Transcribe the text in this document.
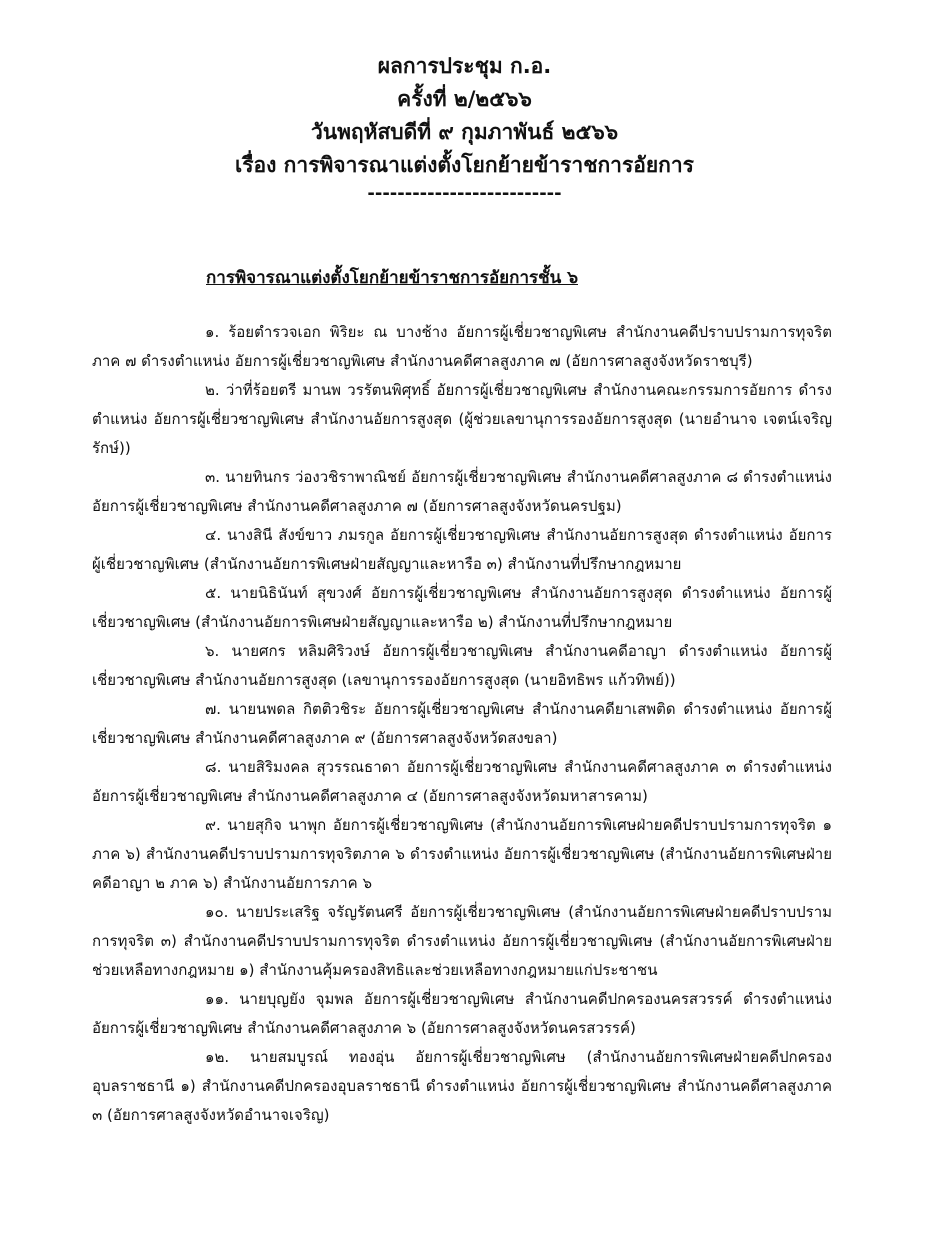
ผลการประชุม ก.อ.
ครั้งที่ ๒/๒๕๖๖
วันพฤหัสบดีที่ ๙ กุมภาพันธ์ ๒๕๖๖
เรื่อง การพิจารณาแต่งตั้งโยกย้ายข้าราชการอัยการ
--------------------------
การพิจารณาแต่งตั้งโยกย้ายข้าราชการอัยการชั้น ๖

๑. ร้อยตำรวจเอก พิริยะ ณ บางช้าง อัยการผู้เชี่ยวชาญพิเศษ สำนักงานคดีปราบปรามการทุจริตภาค ๗ ดำรงตำแหน่ง อัยการผู้เชี่ยวชาญพิเศษ สำนักงานคดีศาลสูงภาค ๗ (อัยการศาลสูงจังหวัดราชบุรี)

๒. ว่าที่ร้อยตรี มานพ วรรัตนพิศุทธิ์ อัยการผู้เชี่ยวชาญพิเศษ สำนักงานคณะกรรมการอัยการ ดำรงตำแหน่ง อัยการผู้เชี่ยวชาญพิเศษ สำนักงานอัยการสูงสุด (ผู้ช่วยเลขานุการรองอัยการสูงสุด (นายอำนาจ เจตน์เจริญรักษ์))

๓. นายทินกร ว่องวชิราพาณิชย์ อัยการผู้เชี่ยวชาญพิเศษ สำนักงานคดีศาลสูงภาค ๘ ดำรงตำแหน่ง อัยการผู้เชี่ยวชาญพิเศษ สำนักงานคดีศาลสูงภาค ๗ (อัยการศาลสูงจังหวัดนครปฐม)

๔. นางสินี สังข์ขาว ภมรกูล อัยการผู้เชี่ยวชาญพิเศษ สำนักงานอัยการสูงสุด ดำรงตำแหน่ง อัยการผู้เชี่ยวชาญพิเศษ (สำนักงานอัยการพิเศษฝ่ายสัญญาและหารือ ๓) สำนักงานที่ปรึกษากฎหมาย

๕. นายนิธินันท์ สุขวงศ์ อัยการผู้เชี่ยวชาญพิเศษ สำนักงานอัยการสูงสุด ดำรงตำแหน่ง อัยการผู้เชี่ยวชาญพิเศษ (สำนักงานอัยการพิเศษฝ่ายสัญญาและหารือ ๒) สำนักงานที่ปรึกษากฎหมาย

๖. นายศกร หลิมศิริวงษ์ อัยการผู้เชี่ยวชาญพิเศษ สำนักงานคดีอาญา ดำรงตำแหน่ง อัยการผู้เชี่ยวชาญพิเศษ สำนักงานอัยการสูงสุด (เลขานุการรองอัยการสูงสุด (นายอิทธิพร แก้วทิพย์))

๗. นายนพดล กิตติวชิระ อัยการผู้เชี่ยวชาญพิเศษ สำนักงานคดียาเสพติด ดำรงตำแหน่ง อัยการผู้เชี่ยวชาญพิเศษ สำนักงานคดีศาลสูงภาค ๙ (อัยการศาลสูงจังหวัดสงขลา)

๘. นายสิริมงคล สุวรรณธาดา อัยการผู้เชี่ยวชาญพิเศษ สำนักงานคดีศาลสูงภาค ๓ ดำรงตำแหน่ง อัยการผู้เชี่ยวชาญพิเศษ สำนักงานคดีศาลสูงภาค ๔ (อัยการศาลสูงจังหวัดมหาสารคาม)

๙. นายสุกิจ นาพุก อัยการผู้เชี่ยวชาญพิเศษ (สำนักงานอัยการพิเศษฝ่ายคดีปราบปรามการทุจริต ๑ ภาค ๖) สำนักงานคดีปราบปรามการทุจริตภาค ๖ ดำรงตำแหน่ง อัยการผู้เชี่ยวชาญพิเศษ (สำนักงานอัยการพิเศษฝ่ายคดีอาญา ๒ ภาค ๖) สำนักงานอัยการภาค ๖

๑๐. นายประเสริฐ จรัญรัตนศรี อัยการผู้เชี่ยวชาญพิเศษ (สำนักงานอัยการพิเศษฝ่ายคดีปราบปรามการทุจริต ๓) สำนักงานคดีปราบปรามการทุจริต ดำรงตำแหน่ง อัยการผู้เชี่ยวชาญพิเศษ (สำนักงานอัยการพิเศษฝ่ายช่วยเหลือทางกฎหมาย ๑) สำนักงานคุ้มครองสิทธิและช่วยเหลือทางกฎหมายแก่ประชาชน

๑๑. นายบุญยัง จุมพล อัยการผู้เชี่ยวชาญพิเศษ สำนักงานคดีปกครองนครสวรรค์ ดำรงตำแหน่ง อัยการผู้เชี่ยวชาญพิเศษ สำนักงานคดีศาลสูงภาค ๖ (อัยการศาลสูงจังหวัดนครสวรรค์)

๑๒. นายสมบูรณ์ ทองอุ่น อัยการผู้เชี่ยวชาญพิเศษ (สำนักงานอัยการพิเศษฝ่ายคดีปกครองอุบลราชธานี ๑) สำนักงานคดีปกครองอุบลราชธานี ดำรงตำแหน่ง อัยการผู้เชี่ยวชาญพิเศษ สำนักงานคดีศาลสูงภาค ๓ (อัยการศาลสูงจังหวัดอำนาจเจริญ)
